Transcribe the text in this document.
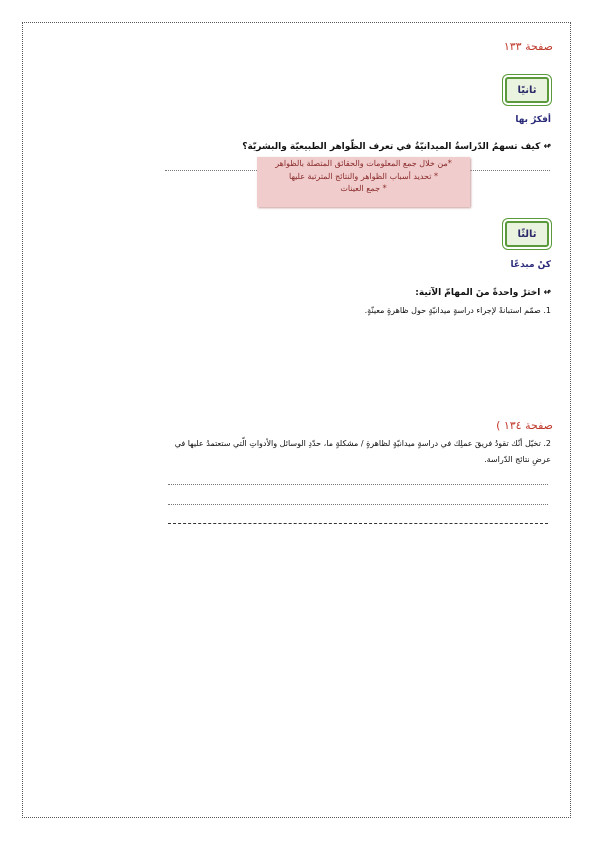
صفحة ١٣٣
ثانيًا
أفكرُ بها
↫ كيف تسهمُ الدّراسةُ الميدانيّةُ في تعرف الظّواهر الطبيعيّة والبشريّة؟
*من خلال جمع المعلومات والحقائق المتصلة بالظواهر
* تحديد أسباب الظواهر والنتائج المترتبة عليها
* جمع العينات
ثالثًا
كنْ مبدعًا
↫ اخترْ واحدةً منَ المهامّ الآتية:
1. صمّم استبانةً لإجراء دراسةٍ ميدانيّةٍ حول ظاهرةٍ معينّةٍ.
صفحة ١٣٤ )
2. تخيّل أنّك تقودُ فريقَ عملِك في دراسةٍ ميدانيّةٍ لظاهرةٍ / مشكلةٍ ما، حدّدِ الوسائل والأدواتِ الّتي ستعتمدُ عليها في عرضِ نتائج الدّراسة.
